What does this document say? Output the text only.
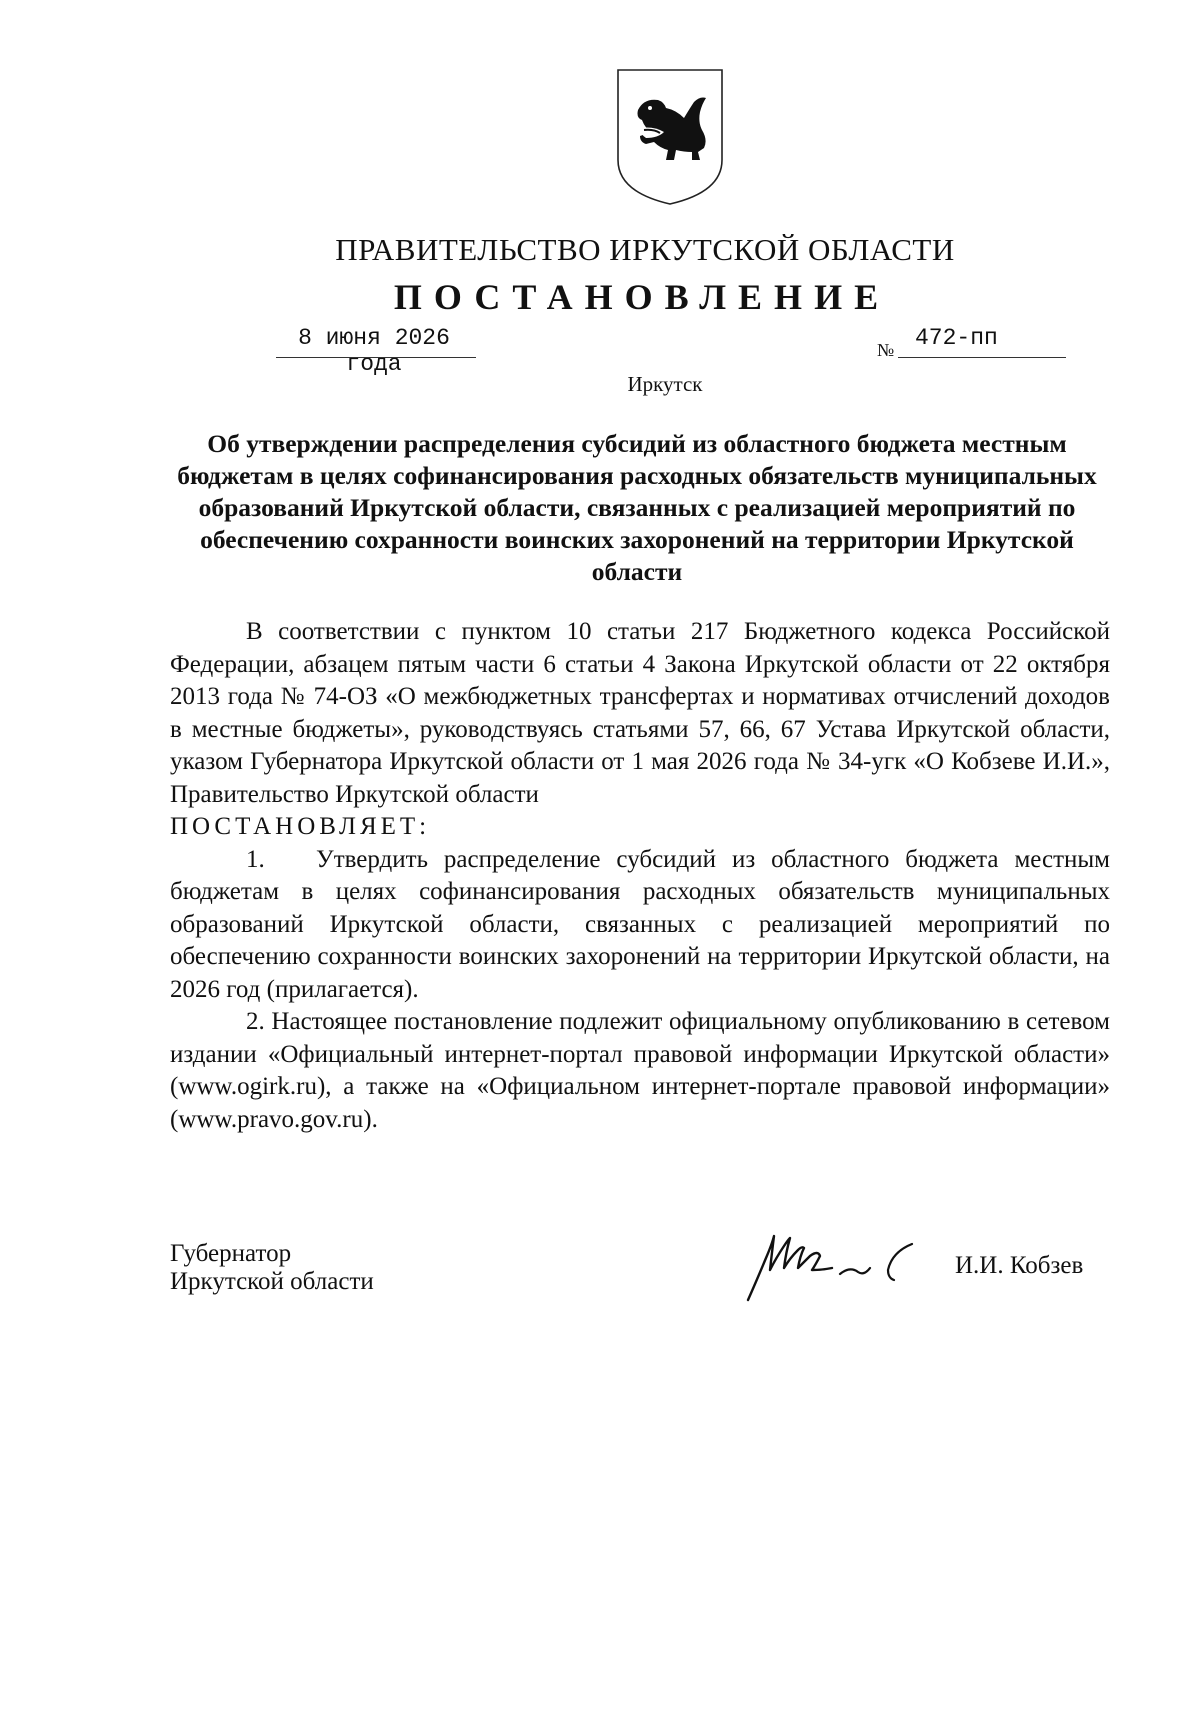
ПРАВИТЕЛЬСТВО ИРКУТСКОЙ ОБЛАСТИ
ПОСТАНОВЛЕНИЕ
8 июня 2026 года
№ 472-пп
Иркутск
Об утверждении распределения субсидий из областного бюджета местным бюджетам в целях софинансирования расходных обязательств муниципальных образований Иркутской области, связанных с реализацией мероприятий по обеспечению сохранности воинских захоронений на территории Иркутской области

В соответствии с пунктом 10 статьи 217 Бюджетного кодекса Российской Федерации, абзацем пятым части 6 статьи 4 Закона Иркутской области от 22 октября 2013 года № 74-ОЗ «О межбюджетных трансфертах и нормативах отчислений доходов в местные бюджеты», руководствуясь статьями 57, 66, 67 Устава Иркутской области, указом Губернатора Иркутской области от 1 мая 2026 года № 34-угк «О Кобзеве И.И.», Правительство Иркутской области

ПОСТАНОВЛЯЕТ:

1. Утвердить распределение субсидий из областного бюджета местным бюджетам в целях софинансирования расходных обязательств муниципальных образований Иркутской области, связанных с реализацией мероприятий по обеспечению сохранности воинских захоронений на территории Иркутской области, на 2026 год (прилагается).

2. Настоящее постановление подлежит официальному опубликованию в сетевом издании «Официальный интернет-портал правовой информации Иркутской области» (www.ogirk.ru), а также на «Официальном интернет-портале правовой информации» (www.pravo.gov.ru).

Губернатор
Иркутской области
И.И. Кобзев
